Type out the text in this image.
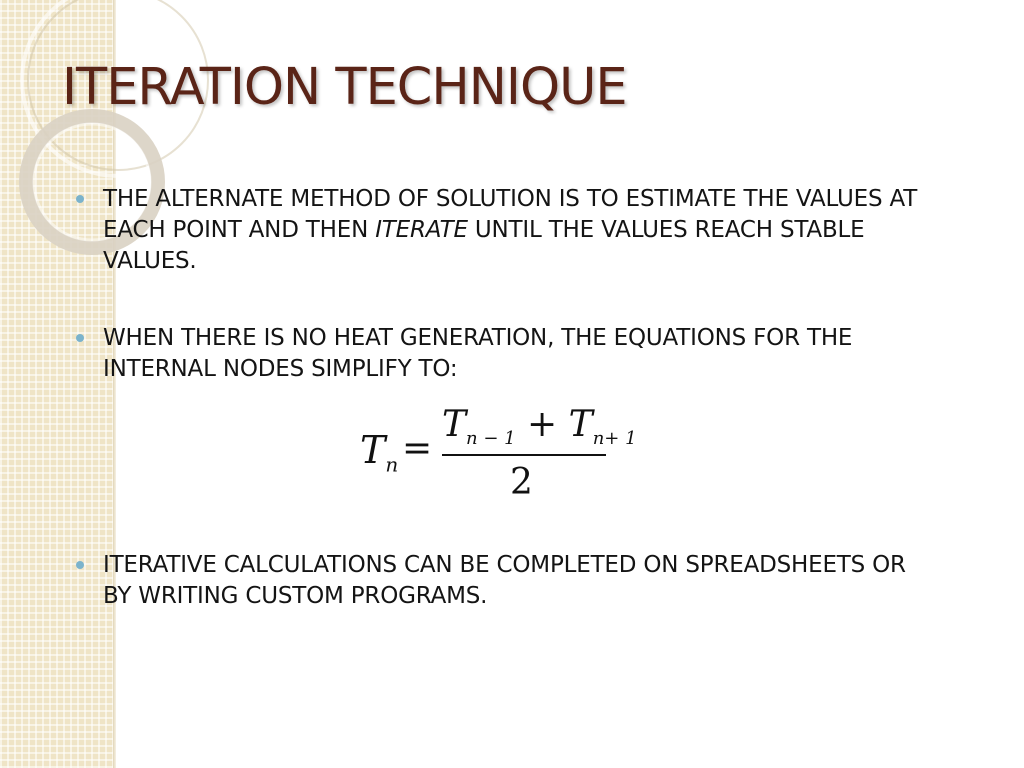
ITERATION TECHNIQUE
THE ALTERNATE METHOD OF SOLUTION IS TO ESTIMATE THE VALUES AT EACH POINT AND THEN ITERATE UNTIL THE VALUES REACH STABLE VALUES.
WHEN THERE IS NO HEAT GENERATION, THE EQUATIONS FOR THE INTERNAL NODES SIMPLIFY TO:
$T_n$ =
$T_{n - 1} + T_{n+ 1}$
2
ITERATIVE CALCULATIONS CAN BE COMPLETED ON SPREADSHEETS OR BY WRITING CUSTOM PROGRAMS.
